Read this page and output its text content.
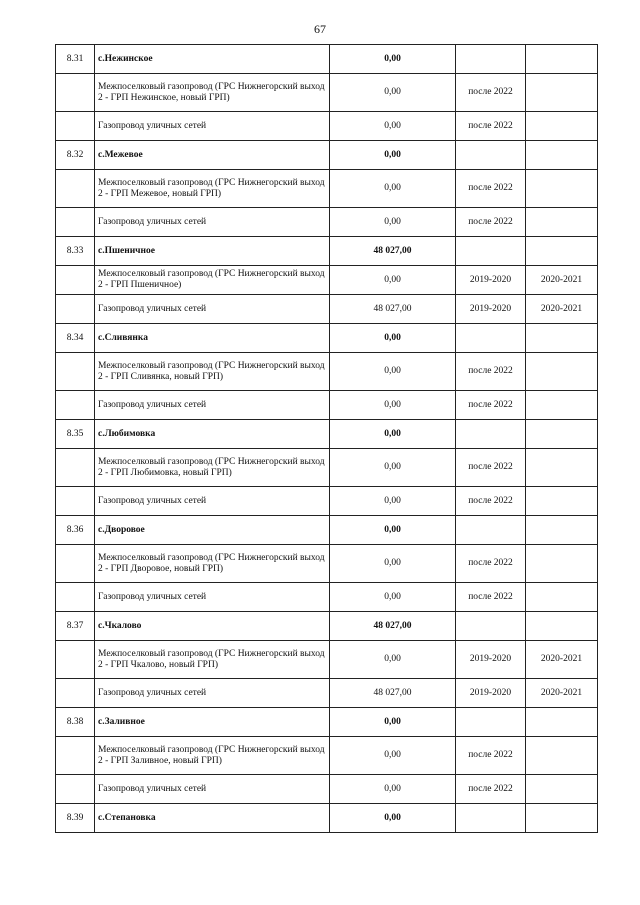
67
8.31	с.Нежинское	0,00		
	Межпоселковый газопровод (ГРС Нижнегорский выход 2 - ГРП Нежинское, новый ГРП)	0,00	после 2022	
	Газопровод уличных сетей	0,00	после 2022	
8.32	с.Межевое	0,00		
	Межпоселковый газопровод (ГРС Нижнегорский выход 2 - ГРП Межевое, новый ГРП)	0,00	после 2022	
	Газопровод уличных сетей	0,00	после 2022	
8.33	с.Пшеничное	48 027,00		
	Межпоселковый газопровод (ГРС Нижнегорский выход 2 - ГРП Пшеничное)	0,00	2019-2020	2020-2021
	Газопровод уличных сетей	48 027,00	2019-2020	2020-2021
8.34	с.Сливянка	0,00		
	Межпоселковый газопровод (ГРС Нижнегорский выход 2 - ГРП Сливянка, новый ГРП)	0,00	после 2022	
	Газопровод уличных сетей	0,00	после 2022	
8.35	с.Любимовка	0,00		
	Межпоселковый газопровод (ГРС Нижнегорский выход 2 - ГРП Любимовка, новый ГРП)	0,00	после 2022	
	Газопровод уличных сетей	0,00	после 2022	
8.36	с.Дворовое	0,00		
	Межпоселковый газопровод (ГРС Нижнегорский выход 2 - ГРП Дворовое, новый ГРП)	0,00	после 2022	
	Газопровод уличных сетей	0,00	после 2022	
8.37	с.Чкалово	48 027,00		
	Межпоселковый газопровод (ГРС Нижнегорский выход 2 - ГРП Чкалово, новый ГРП)	0,00	2019-2020	2020-2021
	Газопровод уличных сетей	48 027,00	2019-2020	2020-2021
8.38	с.Заливное	0,00		
	Межпоселковый газопровод (ГРС Нижнегорский выход 2 - ГРП Заливное, новый ГРП)	0,00	после 2022	
	Газопровод уличных сетей	0,00	после 2022	
8.39	с.Степановка	0,00		
